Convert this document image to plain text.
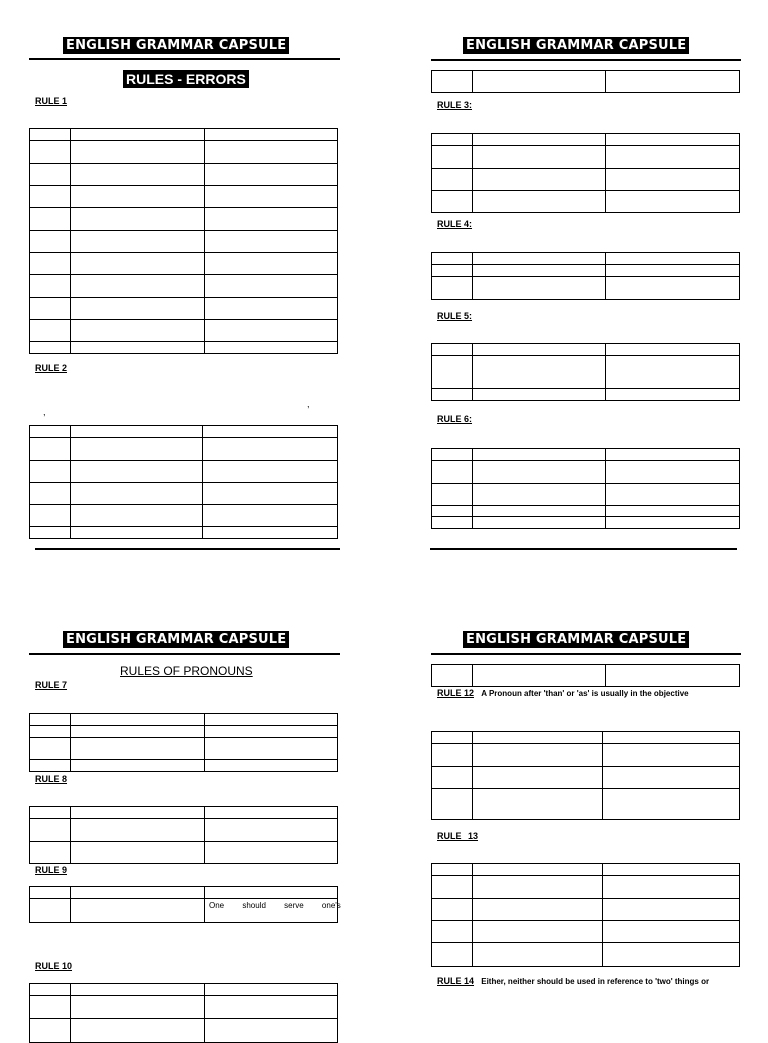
ENGLISH GRAMMAR CAPSULE
RULES - ERRORS
RULE 1
RULE 2
,
,
ENGLISH GRAMMAR CAPSULE
RULE 3:
RULE 4:
RULE 5:
RULE 6:
ENGLISH GRAMMAR CAPSULE
RULES OF PRONOUNS
RULE 7
RULE 8
RULE 9
One should serve one's
RULE 10
ENGLISH GRAMMAR CAPSULE
RULE 12 A Pronoun after 'than' or 'as' is usually in the objective
RULE 13
RULE 14 Either, neither should be used in reference to 'two' things or
